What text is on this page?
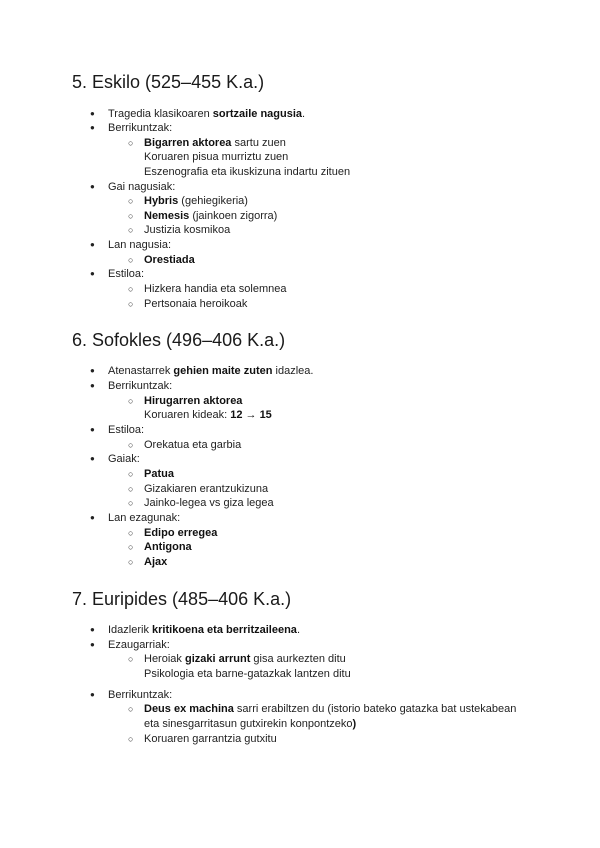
5. Eskilo (525–455 K.a.)
● Tragedia klasikoaren sortzaile nagusia.
● Berrikuntzak:
○ Bigarren aktorea sartu zuen
Koruaren pisua murriztu zuen
Eszenografia eta ikuskizuna indartu zituen
● Gai nagusiak:
○ Hybris (gehiegikeria)
○ Nemesis (jainkoen zigorra)
○ Justizia kosmikoa
● Lan nagusia:
○ Orestiada
● Estiloa:
○ Hizkera handia eta solemnea
○ Pertsonaia heroikoak
6. Sofokles (496–406 K.a.)
● Atenastarrek gehien maite zuten idazlea.
● Berrikuntzak:
○ Hirugarren aktorea
Koruaren kideak: 12 → 15
● Estiloa:
○ Orekatua eta garbia
● Gaiak:
○ Patua
○ Gizakiaren erantzukizuna
○ Jainko-legea vs giza legea
● Lan ezagunak:
○ Edipo erregea
○ Antigona
○ Ajax
7. Euripides (485–406 K.a.)
● Idazlerik kritikoena eta berritzaileena.
● Ezaugarriak:
○ Heroiak gizaki arrunt gisa aurkezten ditu
Psikologia eta barne-gatazkak lantzen ditu
● Berrikuntzak:
○ Deus ex machina sarri erabiltzen du (istorio bateko gatazka bat ustekabean
eta sinesgarritasun gutxirekin konpontzeko)
○ Koruaren garrantzia gutxitu
